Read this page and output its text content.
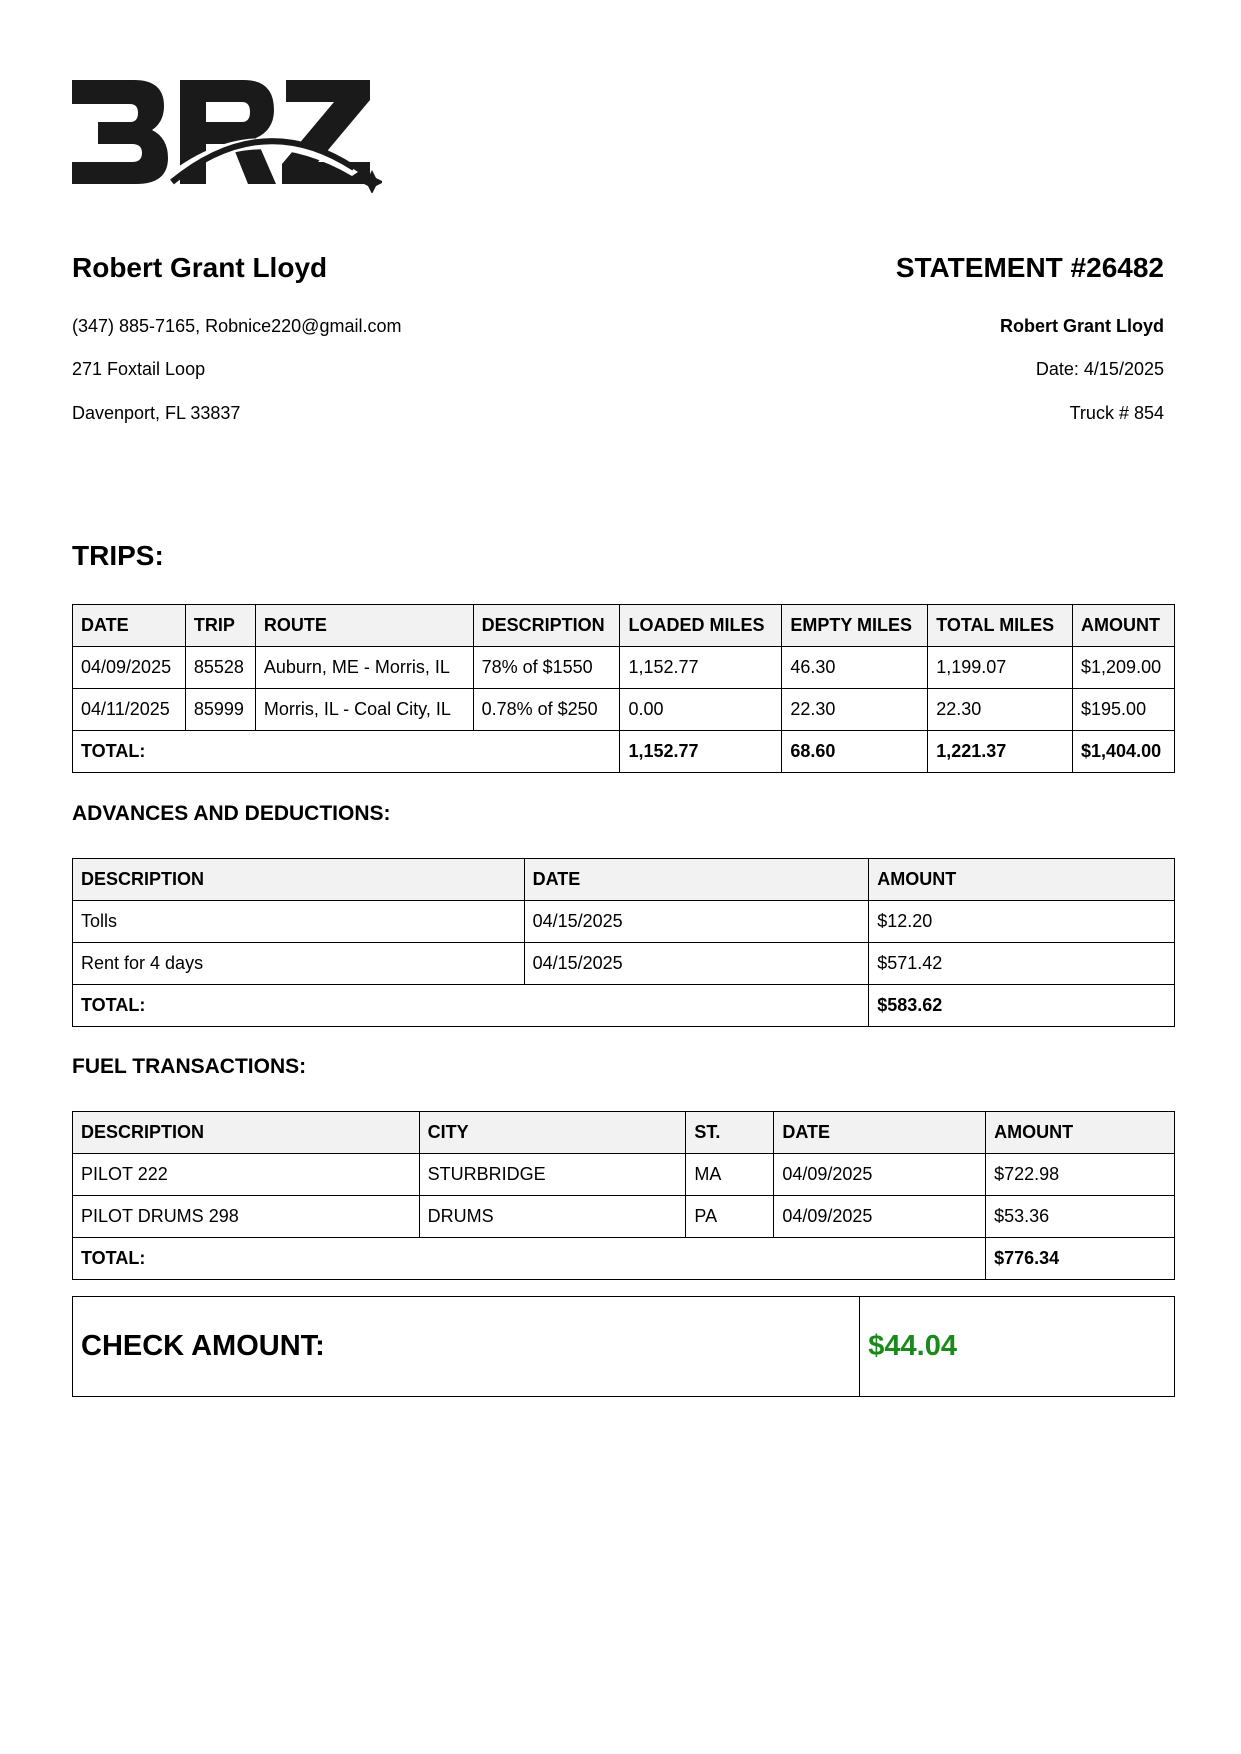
Robert Grant Lloyd
(347) 885-7165, Robnice220@gmail.com
271 Foxtail Loop
Davenport, FL 33837
STATEMENT #26482
Robert Grant Lloyd
Date: 4/15/2025
Truck # 854
TRIPS:
DATE	TRIP	ROUTE	DESCRIPTION	LOADED MILES	EMPTY MILES	TOTAL MILES	AMOUNT
04/09/2025	85528	Auburn, ME - Morris, IL	78% of $1550	1,152.77	46.30	1,199.07	$1,209.00
04/11/2025	85999	Morris, IL - Coal City, IL	0.78% of $250	0.00	22.30	22.30	$195.00
TOTAL:				1,152.77	68.60	1,221.37	$1,404.00
ADVANCES AND DEDUCTIONS:
DESCRIPTION	DATE	AMOUNT
Tolls	04/15/2025	$12.20
Rent for 4 days	04/15/2025	$571.42
TOTAL:		$583.62
FUEL TRANSACTIONS:
DESCRIPTION	CITY	ST.	DATE	AMOUNT
PILOT 222	STURBRIDGE	MA	04/09/2025	$722.98
PILOT DRUMS 298	DRUMS	PA	04/09/2025	$53.36
TOTAL:				$776.34
CHECK AMOUNT:	$44.04
